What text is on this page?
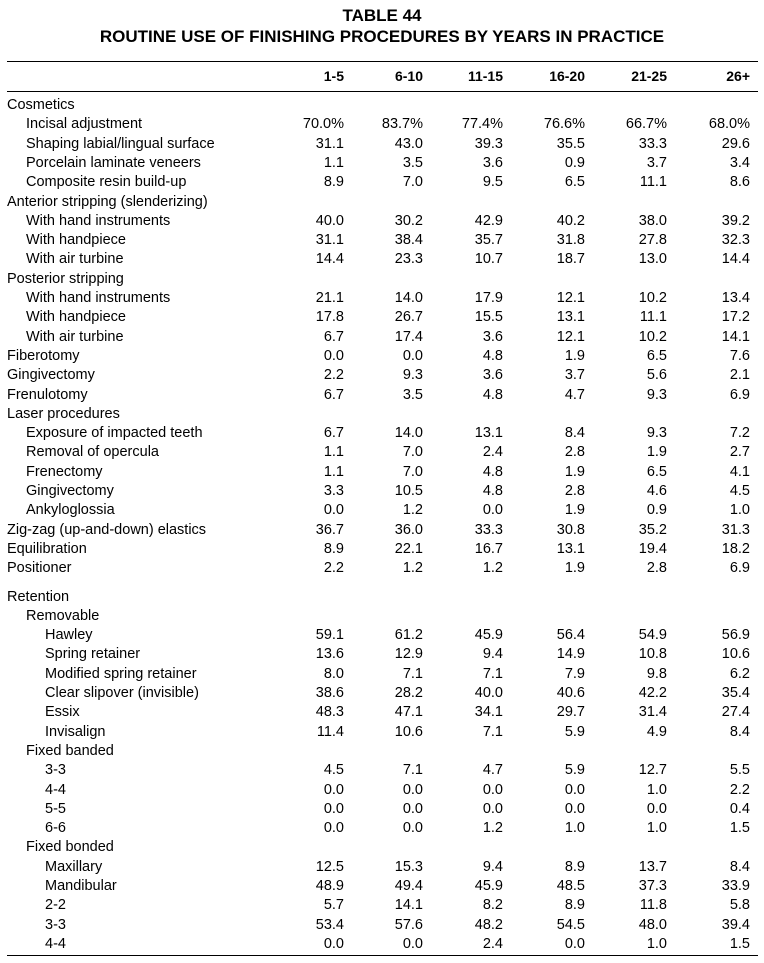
TABLE 44
ROUTINE USE OF FINISHING PROCEDURES BY YEARS IN PRACTICE
1-5	6-10	11-15	16-20	21-25	26+
Cosmetics
Incisal adjustment	70.0%	83.7%	77.4%	76.6%	66.7%	68.0%
Shaping labial/lingual surface	31.1	43.0	39.3	35.5	33.3	29.6
Porcelain laminate veneers	1.1	3.5	3.6	0.9	3.7	3.4
Composite resin build-up	8.9	7.0	9.5	6.5	11.1	8.6
Anterior stripping (slenderizing)
With hand instruments	40.0	30.2	42.9	40.2	38.0	39.2
With handpiece	31.1	38.4	35.7	31.8	27.8	32.3
With air turbine	14.4	23.3	10.7	18.7	13.0	14.4
Posterior stripping
With hand instruments	21.1	14.0	17.9	12.1	10.2	13.4
With handpiece	17.8	26.7	15.5	13.1	11.1	17.2
With air turbine	6.7	17.4	3.6	12.1	10.2	14.1
Fiberotomy	0.0	0.0	4.8	1.9	6.5	7.6
Gingivectomy	2.2	9.3	3.6	3.7	5.6	2.1
Frenulotomy	6.7	3.5	4.8	4.7	9.3	6.9
Laser procedures
Exposure of impacted teeth	6.7	14.0	13.1	8.4	9.3	7.2
Removal of opercula	1.1	7.0	2.4	2.8	1.9	2.7
Frenectomy	1.1	7.0	4.8	1.9	6.5	4.1
Gingivectomy	3.3	10.5	4.8	2.8	4.6	4.5
Ankyloglossia	0.0	1.2	0.0	1.9	0.9	1.0
Zig-zag (up-and-down) elastics	36.7	36.0	33.3	30.8	35.2	31.3
Equilibration	8.9	22.1	16.7	13.1	19.4	18.2
Positioner	2.2	1.2	1.2	1.9	2.8	6.9
Retention
Removable
Hawley	59.1	61.2	45.9	56.4	54.9	56.9
Spring retainer	13.6	12.9	9.4	14.9	10.8	10.6
Modified spring retainer	8.0	7.1	7.1	7.9	9.8	6.2
Clear slipover (invisible)	38.6	28.2	40.0	40.6	42.2	35.4
Essix	48.3	47.1	34.1	29.7	31.4	27.4
Invisalign	11.4	10.6	7.1	5.9	4.9	8.4
Fixed banded
3-3	4.5	7.1	4.7	5.9	12.7	5.5
4-4	0.0	0.0	0.0	0.0	1.0	2.2
5-5	0.0	0.0	0.0	0.0	0.0	0.4
6-6	0.0	0.0	1.2	1.0	1.0	1.5
Fixed bonded
Maxillary	12.5	15.3	9.4	8.9	13.7	8.4
Mandibular	48.9	49.4	45.9	48.5	37.3	33.9
2-2	5.7	14.1	8.2	8.9	11.8	5.8
3-3	53.4	57.6	48.2	54.5	48.0	39.4
4-4	0.0	0.0	2.4	0.0	1.0	1.5
